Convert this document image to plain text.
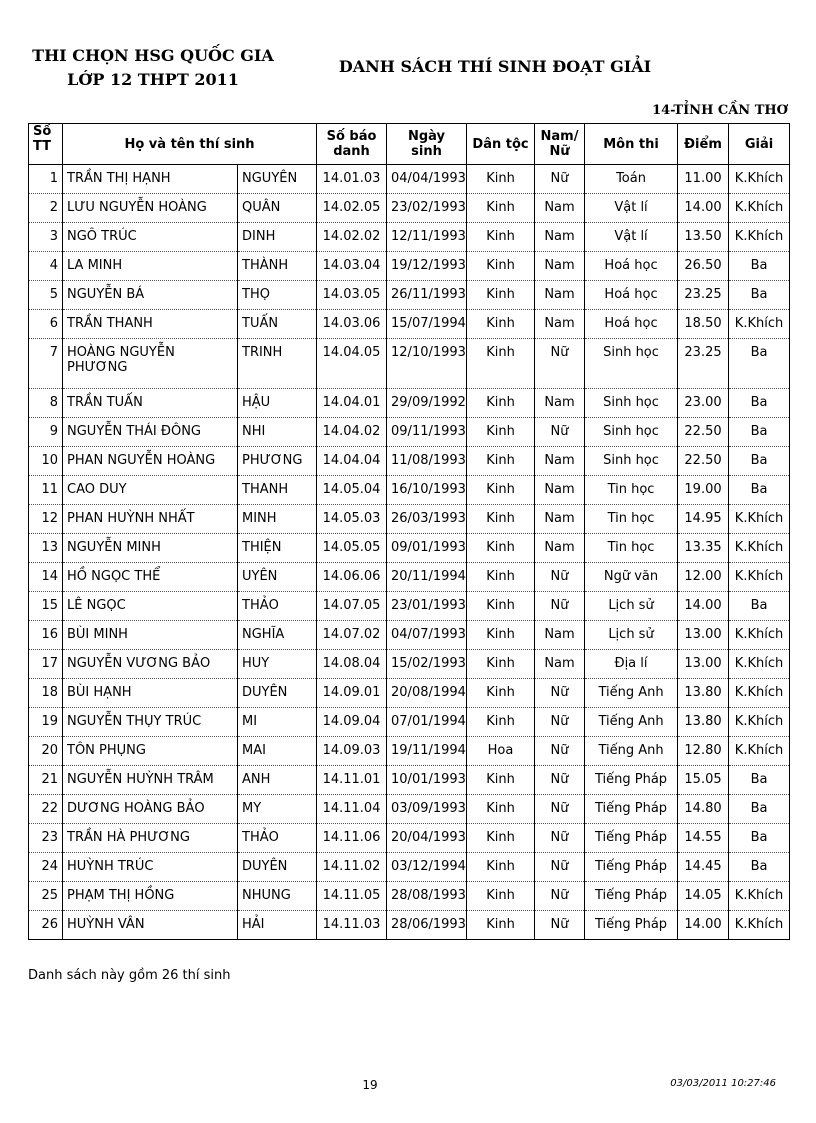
THI CHỌN HSG QUỐC GIA
LỚP 12 THPT 2011
DANH SÁCH THÍ SINH ĐOẠT GIẢI
14-TỈNH CẦN THƠ
Số TT	Họ và tên thí sinh		Số báo danh	Ngày sinh	Dân tộc	Nam/ Nữ	Môn thi	Điểm	Giải
1	TRẦN THỊ HẠNH	NGUYÊN	14.01.03	04/04/1993	Kinh	Nữ	Toán	11.00	K.Khích
2	LƯU NGUYỄN HOÀNG	QUÂN	14.02.05	23/02/1993	Kinh	Nam	Vật lí	14.00	K.Khích
3	NGÔ TRÚC	DINH	14.02.02	12/11/1993	Kinh	Nam	Vật lí	13.50	K.Khích
4	LA MINH	THÀNH	14.03.04	19/12/1993	Kinh	Nam	Hoá học	26.50	Ba
5	NGUYỄN BÁ	THỌ	14.03.05	26/11/1993	Kinh	Nam	Hoá học	23.25	Ba
6	TRẦN THANH	TUẤN	14.03.06	15/07/1994	Kinh	Nam	Hoá học	18.50	K.Khích
7	HOÀNG NGUYỄN PHƯƠNG	TRINH	14.04.05	12/10/1993	Kinh	Nữ	Sinh học	23.25	Ba
8	TRẦN TUẤN	HẬU	14.04.01	29/09/1992	Kinh	Nam	Sinh học	23.00	Ba
9	NGUYỄN THÁI ĐÔNG	NHI	14.04.02	09/11/1993	Kinh	Nữ	Sinh học	22.50	Ba
10	PHAN NGUYỄN HOÀNG	PHƯƠNG	14.04.04	11/08/1993	Kinh	Nam	Sinh học	22.50	Ba
11	CAO DUY	THANH	14.05.04	16/10/1993	Kinh	Nam	Tin học	19.00	Ba
12	PHAN HUỲNH NHẤT	MINH	14.05.03	26/03/1993	Kinh	Nam	Tin học	14.95	K.Khích
13	NGUYỄN MINH	THIỆN	14.05.05	09/01/1993	Kinh	Nam	Tin học	13.35	K.Khích
14	HỒ NGỌC THỂ	UYÊN	14.06.06	20/11/1994	Kinh	Nữ	Ngữ văn	12.00	K.Khích
15	LÊ NGỌC	THẢO	14.07.05	23/01/1993	Kinh	Nữ	Lịch sử	14.00	Ba
16	BÙI MINH	NGHĨA	14.07.02	04/07/1993	Kinh	Nam	Lịch sử	13.00	K.Khích
17	NGUYỄN VƯƠNG BẢO	HUY	14.08.04	15/02/1993	Kinh	Nam	Địa lí	13.00	K.Khích
18	BÙI HẠNH	DUYÊN	14.09.01	20/08/1994	Kinh	Nữ	Tiếng Anh	13.80	K.Khích
19	NGUYỄN THỤY TRÚC	MI	14.09.04	07/01/1994	Kinh	Nữ	Tiếng Anh	13.80	K.Khích
20	TÔN PHỤNG	MAI	14.09.03	19/11/1994	Hoa	Nữ	Tiếng Anh	12.80	K.Khích
21	NGUYỄN HUỲNH TRÂM	ANH	14.11.01	10/01/1993	Kinh	Nữ	Tiếng Pháp	15.05	Ba
22	DƯƠNG HOÀNG BẢO	MY	14.11.04	03/09/1993	Kinh	Nữ	Tiếng Pháp	14.80	Ba
23	TRẦN HÀ PHƯƠNG	THẢO	14.11.06	20/04/1993	Kinh	Nữ	Tiếng Pháp	14.55	Ba
24	HUỲNH TRÚC	DUYÊN	14.11.02	03/12/1994	Kinh	Nữ	Tiếng Pháp	14.45	Ba
25	PHẠM THỊ HỒNG	NHUNG	14.11.05	28/08/1993	Kinh	Nữ	Tiếng Pháp	14.05	K.Khích
26	HUỲNH VÂN	HẢI	14.11.03	28/06/1993	Kinh	Nữ	Tiếng Pháp	14.00	K.Khích
Danh sách này gồm 26 thí sinh
19	03/03/2011 10:27:46
